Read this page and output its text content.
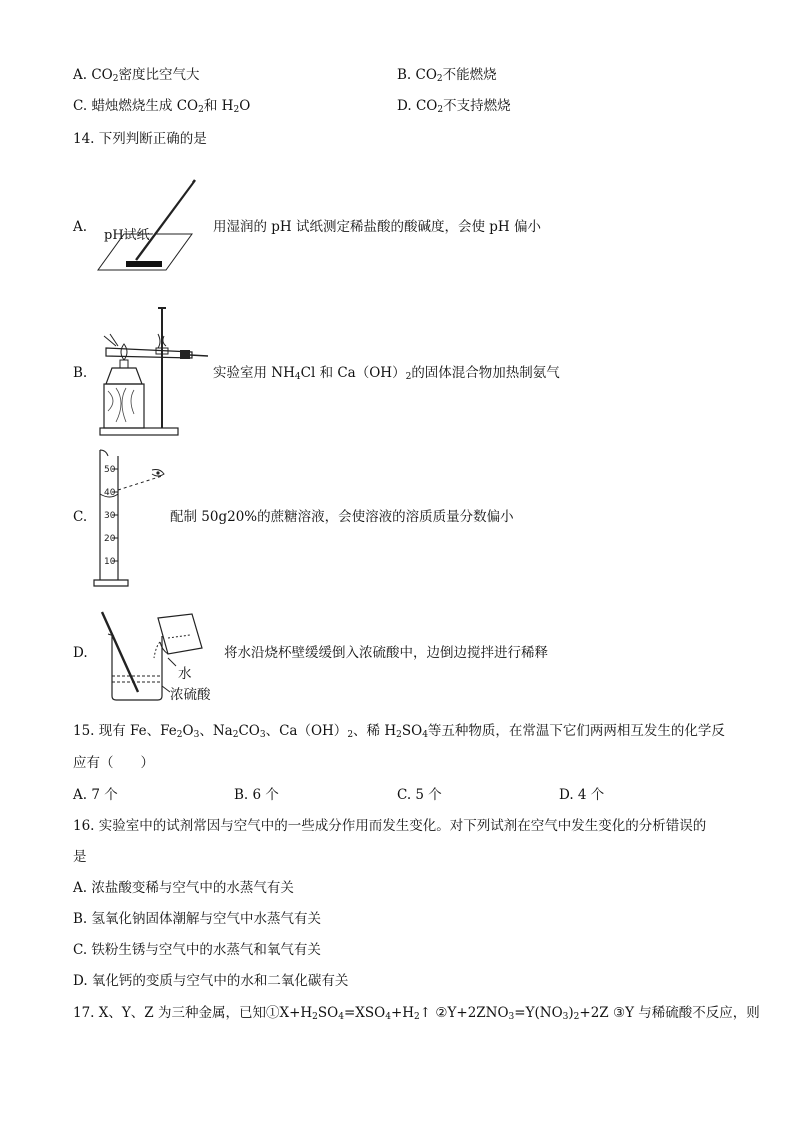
A. $CO_2$密度比空气大	B. $CO_2$不能燃烧
C. 蜡烛燃烧生成 $CO_2$和 $H_2O$	D. $CO_2$不支持燃烧
14. 下列判断正确的是
A.
pH试纸
用湿润的 pH 试纸测定稀盐酸的酸碱度，会使 pH 偏小
B.	实验室用 $NH_4Cl$ 和 $Ca(OH)_2$的固体混合物加热制氨气
C.
50
40
30
20
10
配制 50g20%的蔗糖溶液，会使溶液的溶质质量分数偏小
D.
水
浓硫酸
将水沿烧杯壁缓缓倒入浓硫酸中，边倒边搅拌进行稀释
15. 现有 Fe、$Fe_2O_3$、$Na_2CO_3$、$Ca(OH)_2$、稀 $H_2SO_4$等五种物质，在常温下它们两两相互发生的化学反
应有（　　）
A. 7 个	B. 6 个	C. 5 个	D. 4 个
16. 实验室中的试剂常因与空气中的一些成分作用而发生变化。对下列试剂在空气中发生变化的分析错误的
是
A. 浓盐酸变稀与空气中的水蒸气有关
B. 氢氧化钠固体潮解与空气中水蒸气有关
C. 铁粉生锈与空气中的水蒸气和氧气有关
D. 氧化钙的变质与空气中的水和二氧化碳有关
17. X、Y、Z 为三种金属，已知$①X+H_2SO_4=XSO_4+H_2↑$ $②Y+2ZNO_3=Y(NO_3)_2+2Z$ ③Y 与稀硫酸不反应，则
